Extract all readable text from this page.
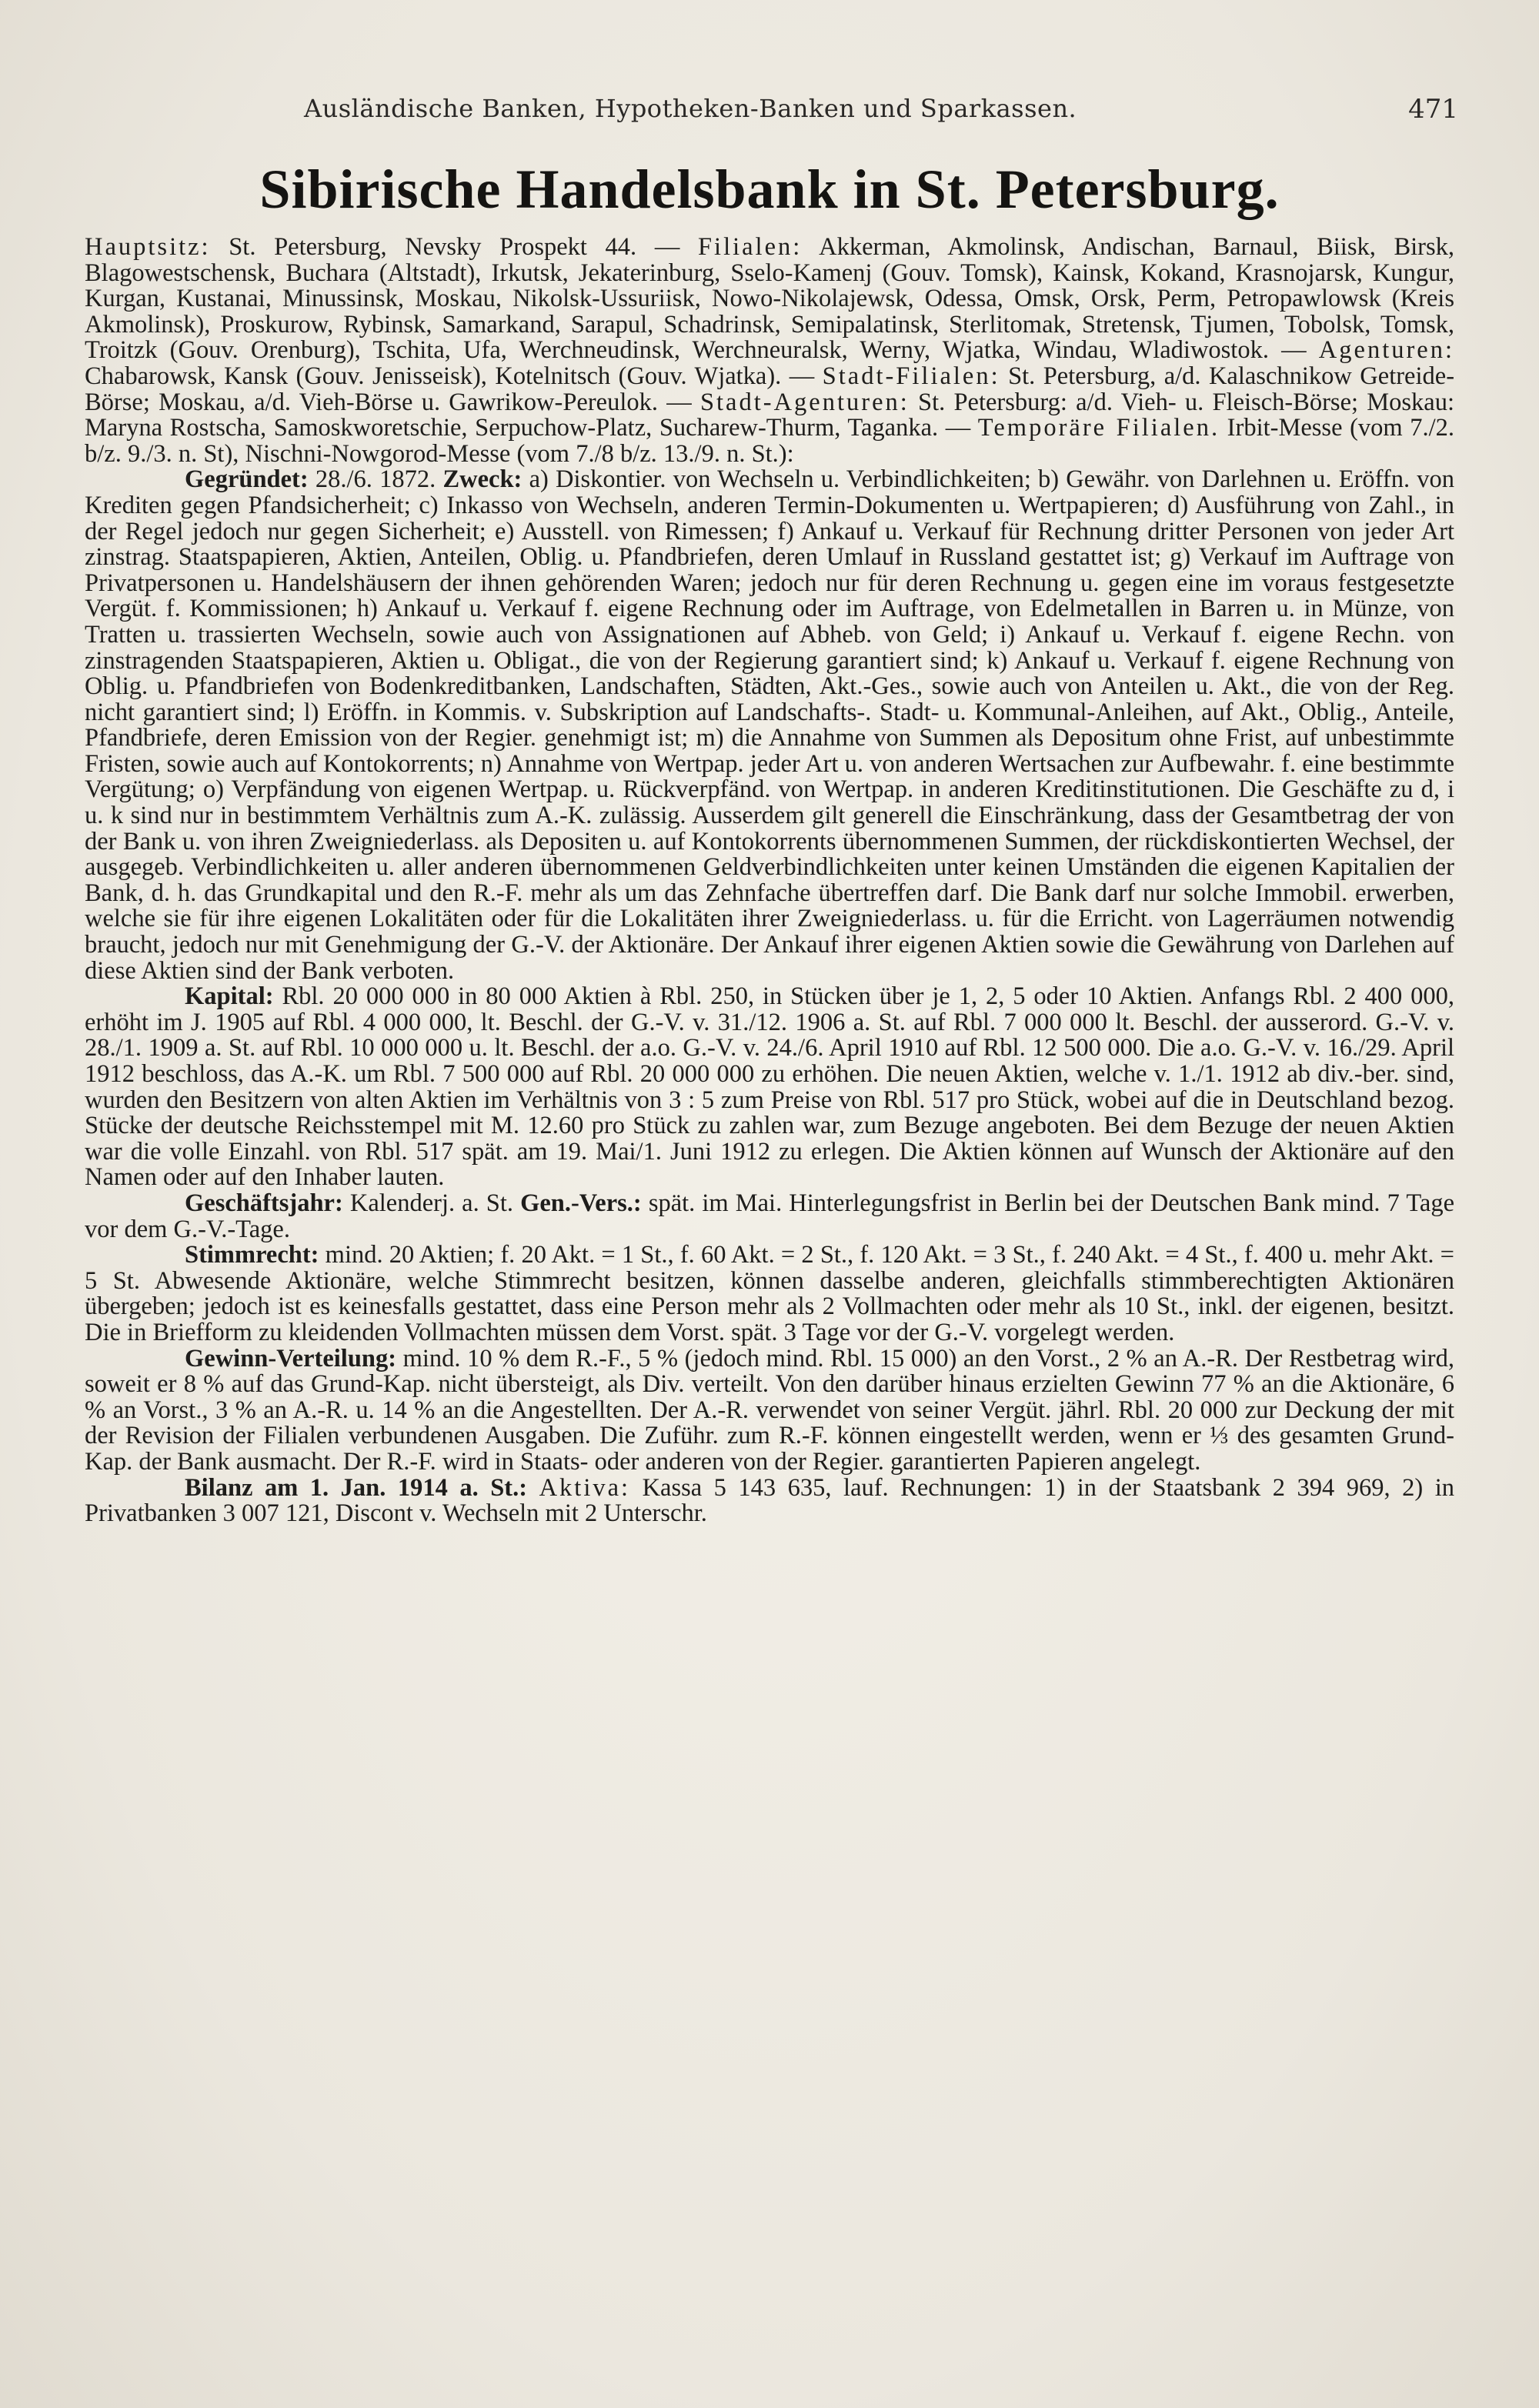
Ausländische Banken, Hypotheken-Banken und Sparkassen.	471
Sibirische Handelsbank in St. Petersburg.

Hauptsitz: St. Petersburg, Nevsky Prospekt 44. — Filialen: Akkerman, Akmolinsk, Andischan, Barnaul, Biisk, Birsk, Blagowestschensk, Buchara (Altstadt), Irkutsk, Jekaterinburg, Sselo-Kamenj (Gouv. Tomsk), Kainsk, Kokand, Krasnojarsk, Kungur, Kurgan, Kustanai, Minussinsk, Moskau, Nikolsk-Ussuriisk, Nowo-Nikolajewsk, Odessa, Omsk, Orsk, Perm, Petropawlowsk (Kreis Akmolinsk), Proskurow, Rybinsk, Samarkand, Sarapul, Schadrinsk, Semipalatinsk, Sterlitomak, Stretensk, Tjumen, Tobolsk, Tomsk, Troitzk (Gouv. Orenburg), Tschita, Ufa, Werchneudinsk, Werchneuralsk, Werny, Wjatka, Windau, Wladiwostok. — Agenturen: Chabarowsk, Kansk (Gouv. Jenisseisk), Kotelnitsch (Gouv. Wjatka). — Stadt-Filialen: St. Petersburg, a/d. Kalaschnikow Getreide-Börse; Moskau, a/d. Vieh-Börse u. Gawrikow-Pereulok. — Stadt-Agenturen: St. Petersburg: a/d. Vieh- u. Fleisch-Börse; Moskau: Maryna Rostscha, Samoskworetschie, Serpuchow-Platz, Sucharew-Thurm, Taganka. — Temporäre Filialen. Irbit-Messe (vom 7./2. b/z. 9./3. n. St), Nischni-Nowgorod-Messe (vom 7./8 b/z. 13./9. n. St.):

Gegründet: 28./6. 1872. Zweck: a) Diskontier. von Wechseln u. Verbindlichkeiten; b) Gewähr. von Darlehnen u. Eröffn. von Krediten gegen Pfandsicherheit; c) Inkasso von Wechseln, anderen Termin-Dokumenten u. Wertpapieren; d) Ausführung von Zahl., in der Regel jedoch nur gegen Sicherheit; e) Ausstell. von Rimessen; f) Ankauf u. Verkauf für Rechnung dritter Personen von jeder Art zinstrag. Staatspapieren, Aktien, Anteilen, Oblig. u. Pfandbriefen, deren Umlauf in Russland gestattet ist; g) Verkauf im Auftrage von Privatpersonen u. Handelshäusern der ihnen gehörenden Waren; jedoch nur für deren Rechnung u. gegen eine im voraus festgesetzte Vergüt. f. Kommissionen; h) Ankauf u. Verkauf f. eigene Rechnung oder im Auftrage, von Edelmetallen in Barren u. in Münze, von Tratten u. trassierten Wechseln, sowie auch von Assignationen auf Abheb. von Geld; i) Ankauf u. Verkauf f. eigene Rechn. von zinstragenden Staatspapieren, Aktien u. Obligat., die von der Regierung garantiert sind; k) Ankauf u. Verkauf f. eigene Rechnung von Oblig. u. Pfandbriefen von Bodenkreditbanken, Landschaften, Städten, Akt.-Ges., sowie auch von Anteilen u. Akt., die von der Reg. nicht garantiert sind; l) Eröffn. in Kommis. v. Subskription auf Landschafts-. Stadt- u. Kommunal-Anleihen, auf Akt., Oblig., Anteile, Pfandbriefe, deren Emission von der Regier. genehmigt ist; m) die Annahme von Summen als Depositum ohne Frist, auf unbestimmte Fristen, sowie auch auf Kontokorrents; n) Annahme von Wertpap. jeder Art u. von anderen Wertsachen zur Aufbewahr. f. eine bestimmte Vergütung; o) Verpfändung von eigenen Wertpap. u. Rückverpfänd. von Wertpap. in anderen Kreditinstitutionen. Die Geschäfte zu d, i u. k sind nur in bestimmtem Verhältnis zum A.-K. zulässig. Ausserdem gilt generell die Einschränkung, dass der Gesamtbetrag der von der Bank u. von ihren Zweigniederlass. als Depositen u. auf Kontokorrents übernommenen Summen, der rückdiskontierten Wechsel, der ausgegeb. Verbindlichkeiten u. aller anderen übernommenen Geldverbindlichkeiten unter keinen Umständen die eigenen Kapitalien der Bank, d. h. das Grundkapital und den R.-F. mehr als um das Zehnfache übertreffen darf. Die Bank darf nur solche Immobil. erwerben, welche sie für ihre eigenen Lokalitäten oder für die Lokalitäten ihrer Zweigniederlass. u. für die Erricht. von Lagerräumen notwendig braucht, jedoch nur mit Genehmigung der G.-V. der Aktionäre. Der Ankauf ihrer eigenen Aktien sowie die Gewährung von Darlehen auf diese Aktien sind der Bank verboten.

Kapital: Rbl. 20 000 000 in 80 000 Aktien à Rbl. 250, in Stücken über je 1, 2, 5 oder 10 Aktien. Anfangs Rbl. 2 400 000, erhöht im J. 1905 auf Rbl. 4 000 000, lt. Beschl. der G.-V. v. 31./12. 1906 a. St. auf Rbl. 7 000 000 lt. Beschl. der ausserord. G.-V. v. 28./1. 1909 a. St. auf Rbl. 10 000 000 u. lt. Beschl. der a.o. G.-V. v. 24./6. April 1910 auf Rbl. 12 500 000. Die a.o. G.-V. v. 16./29. April 1912 beschloss, das A.-K. um Rbl. 7 500 000 auf Rbl. 20 000 000 zu erhöhen. Die neuen Aktien, welche v. 1./1. 1912 ab div.-ber. sind, wurden den Besitzern von alten Aktien im Verhältnis von 3 : 5 zum Preise von Rbl. 517 pro Stück, wobei auf die in Deutschland bezog. Stücke der deutsche Reichsstempel mit M. 12.60 pro Stück zu zahlen war, zum Bezuge angeboten. Bei dem Bezuge der neuen Aktien war die volle Einzahl. von Rbl. 517 spät. am 19. Mai/1. Juni 1912 zu erlegen. Die Aktien können auf Wunsch der Aktionäre auf den Namen oder auf den Inhaber lauten.

Geschäftsjahr: Kalenderj. a. St. Gen.-Vers.: spät. im Mai. Hinterlegungsfrist in Berlin bei der Deutschen Bank mind. 7 Tage vor dem G.-V.-Tage.

Stimmrecht: mind. 20 Aktien; f. 20 Akt. = 1 St., f. 60 Akt. = 2 St., f. 120 Akt. = 3 St., f. 240 Akt. = 4 St., f. 400 u. mehr Akt. = 5 St. Abwesende Aktionäre, welche Stimmrecht besitzen, können dasselbe anderen, gleichfalls stimmberechtigten Aktionären übergeben; jedoch ist es keinesfalls gestattet, dass eine Person mehr als 2 Vollmachten oder mehr als 10 St., inkl. der eigenen, besitzt. Die in Briefform zu kleidenden Vollmachten müssen dem Vorst. spät. 3 Tage vor der G.-V. vorgelegt werden.

Gewinn-Verteilung: mind. 10 % dem R.-F., 5 % (jedoch mind. Rbl. 15 000) an den Vorst., 2 % an A.-R. Der Restbetrag wird, soweit er 8 % auf das Grund-Kap. nicht übersteigt, als Div. verteilt. Von den darüber hinaus erzielten Gewinn 77 % an die Aktionäre, 6 % an Vorst., 3 % an A.-R. u. 14 % an die Angestellten. Der A.-R. verwendet von seiner Vergüt. jährl. Rbl. 20 000 zur Deckung der mit der Revision der Filialen verbundenen Ausgaben. Die Zuführ. zum R.-F. können eingestellt werden, wenn er ⅓ des gesamten Grund-Kap. der Bank ausmacht. Der R.-F. wird in Staats- oder anderen von der Regier. garantierten Papieren angelegt.

Bilanz am 1. Jan. 1914 a. St.: Aktiva: Kassa 5 143 635, lauf. Rechnungen: 1) in der Staatsbank 2 394 969, 2) in Privatbanken 3 007 121, Discont v. Wechseln mit 2 Unterschr.
